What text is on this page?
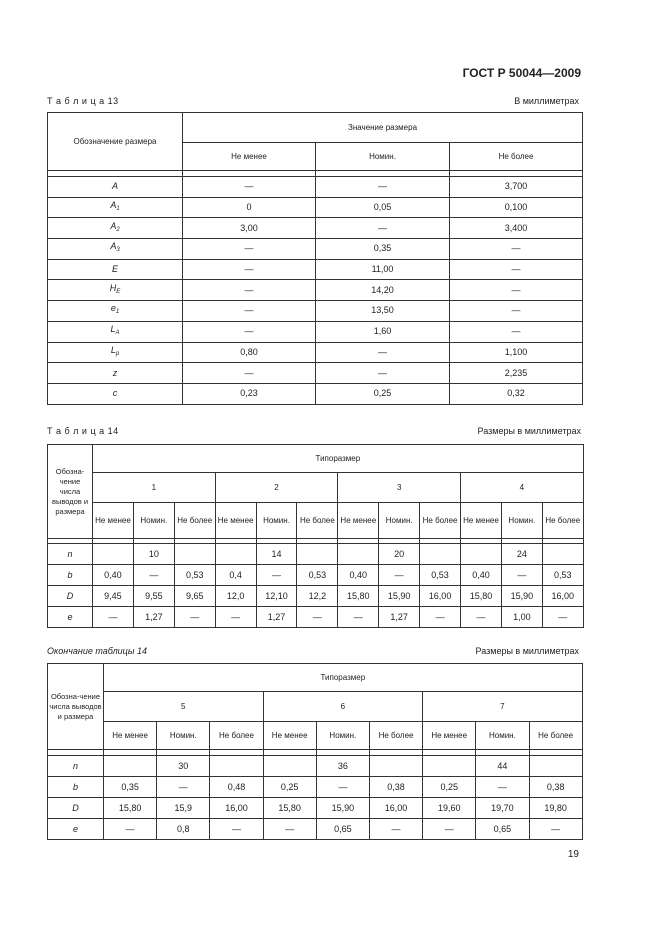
ГОСТ Р 50044—2009
Т а б л и ц а 13	В миллиметрах
Обозначение размера	Значение размера		
	Не менее	Номин.	Не более

A	—	—	3,700
$A_1$	0	0,05	0,100
$A_2$	3,00	—	3,400
$A_3$	—	0,35	—
E	—	11,00	—
$H_E$	—	14,20	—
$e_1$	—	13,50	—
$L_A$	—	1,60	—
$L_p$	0,80	—	1,100
z	—	—	2,235
c	0,23	0,25	0,32
Т а б л и ц а 14	Размеры в миллиметрах
Обозна-чение числа выводов и размера	Типоразмер											
	1			2			3			4		
	Не менее	Номин.	Не более	Не менее	Номин.	Не более	Не менее	Номин.	Не более	Не менее	Номин.	Не более

n		10			14			20			24	
b	0,40	—	0,53	0,4	—	0,53	0,40	—	0,53	0,40	—	0,53
D	9,45	9,55	9,65	12,0	12,10	12,2	15,80	15,90	16,00	15,80	15,90	16,00
e	—	1,27	—	—	1,27	—	—	1,27	—	—	1,00	—
Окончание таблицы 14	Размеры в миллиметрах
Обозна-чение числа выводов и размера	Типоразмер								
	5			6			7		
	Не менее	Номин.	Не более	Не менее	Номин.	Не более	Не менее	Номин.	Не более

n		30			36			44	
b	0,35	—	0,48	0,25	—	0,38	0,25	—	0,38
D	15,80	15,9	16,00	15,80	15,90	16,00	19,60	19,70	19,80
e	—	0,8	—	—	0,65	—	—	0,65	—
19
